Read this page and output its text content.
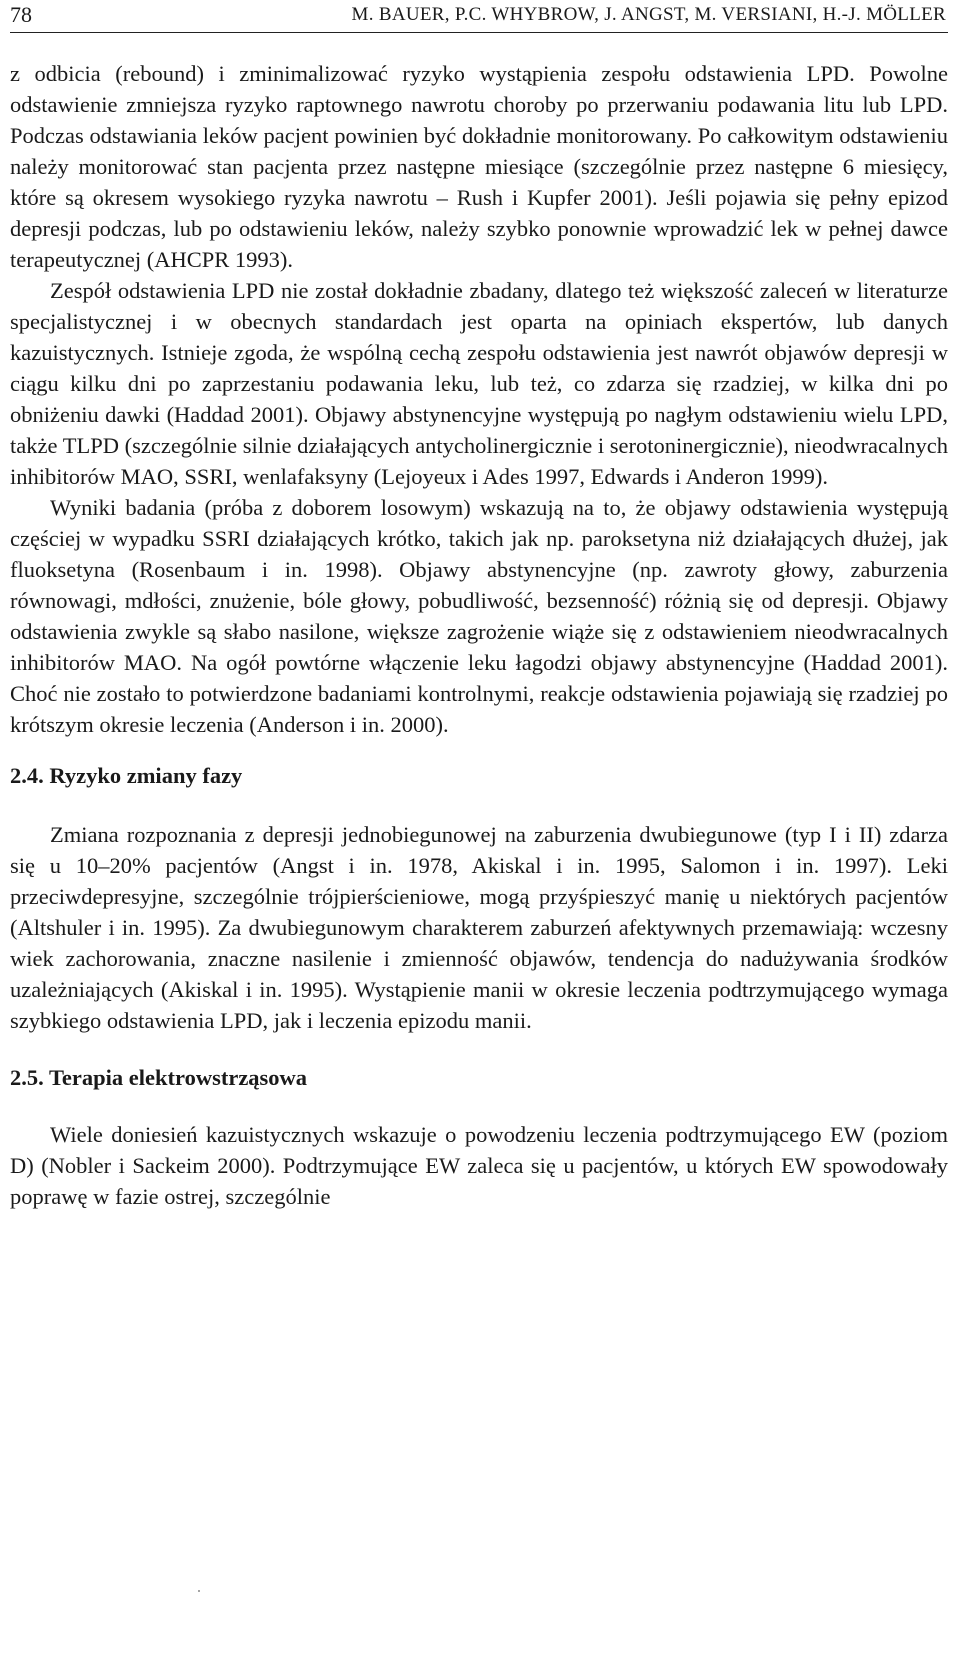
78	M. BAUER, P.C. WHYBROW, J. ANGST, M. VERSIANI, H.-J. MÖLLER

z odbicia (rebound) i zminimalizować ryzyko wystąpienia zespołu odstawienia LPD. Powolne odstawienie zmniejsza ryzyko raptownego nawrotu choroby po przerwaniu podawania litu lub LPD. Podczas odstawiania leków pacjent powinien być dokładnie monitorowany. Po całkowitym odstawieniu należy monitorować stan pacjenta przez następne miesiące (szczególnie przez następne 6 miesięcy, które są okresem wysokiego ryzyka nawrotu – Rush i Kupfer 2001). Jeśli pojawia się pełny epizod depresji podczas, lub po odstawieniu leków, należy szybko ponownie wprowadzić lek w pełnej dawce terapeutycznej (AHCPR 1993).

Zespół odstawienia LPD nie został dokładnie zbadany, dlatego też większość zaleceń w literaturze specjalistycznej i w obecnych standardach jest oparta na opiniach ekspertów, lub danych kazuistycznych. Istnieje zgoda, że wspólną cechą zespołu odstawienia jest nawrót objawów depresji w ciągu kilku dni po zaprzestaniu podawania leku, lub też, co zdarza się rzadziej, w kilka dni po obniżeniu dawki (Haddad 2001). Objawy abstynencyjne występują po nagłym odstawieniu wielu LPD, także TLPD (szczególnie silnie działających antycholinergicznie i serotoninergicznie), nieodwracalnych inhibitorów MAO, SSRI, wenlafaksyny (Lejoyeux i Ades 1997, Edwards i Anderon 1999).

Wyniki badania (próba z doborem losowym) wskazują na to, że objawy odstawienia występują częściej w wypadku SSRI działających krótko, takich jak np. paroksetyna niż działających dłużej, jak fluoksetyna (Rosenbaum i in. 1998). Objawy abstynencyjne (np. zawroty głowy, zaburzenia równowagi, mdłości, znużenie, bóle głowy, pobudliwość, bezsenność) różnią się od depresji. Objawy odstawienia zwykle są słabo nasilone, większe zagrożenie wiąże się z odstawieniem nieodwracalnych inhibitorów MAO. Na ogół powtórne włączenie leku łagodzi objawy abstynencyjne (Haddad 2001). Choć nie zostało to potwierdzone badaniami kontrolnymi, reakcje odstawienia pojawiają się rzadziej po krótszym okresie leczenia (Anderson i in. 2000).

2.4. Ryzyko zmiany fazy

Zmiana rozpoznania z depresji jednobiegunowej na zaburzenia dwubiegunowe (typ I i II) zdarza się u 10–20% pacjentów (Angst i in. 1978, Akiskal i in. 1995, Salomon i in. 1997). Leki przeciwdepresyjne, szczególnie trójpierścieniowe, mogą przyśpieszyć manię u niektórych pacjentów (Altshuler i in. 1995). Za dwubiegunowym charakterem zaburzeń afektywnych przemawiają: wczesny wiek zachorowania, znaczne nasilenie i zmienność objawów, tendencja do nadużywania środków uzależniających (Akiskal i in. 1995). Wystąpienie manii w okresie leczenia podtrzymującego wymaga szybkiego odstawienia LPD, jak i leczenia epizodu manii.

2.5. Terapia elektrowstrząsowa

Wiele doniesień kazuistycznych wskazuje o powodzeniu leczenia podtrzymującego EW (poziom D) (Nobler i Sackeim 2000). Podtrzymujące EW zaleca się u pacjentów, u których EW spowodowały poprawę w fazie ostrej, szczególnie
